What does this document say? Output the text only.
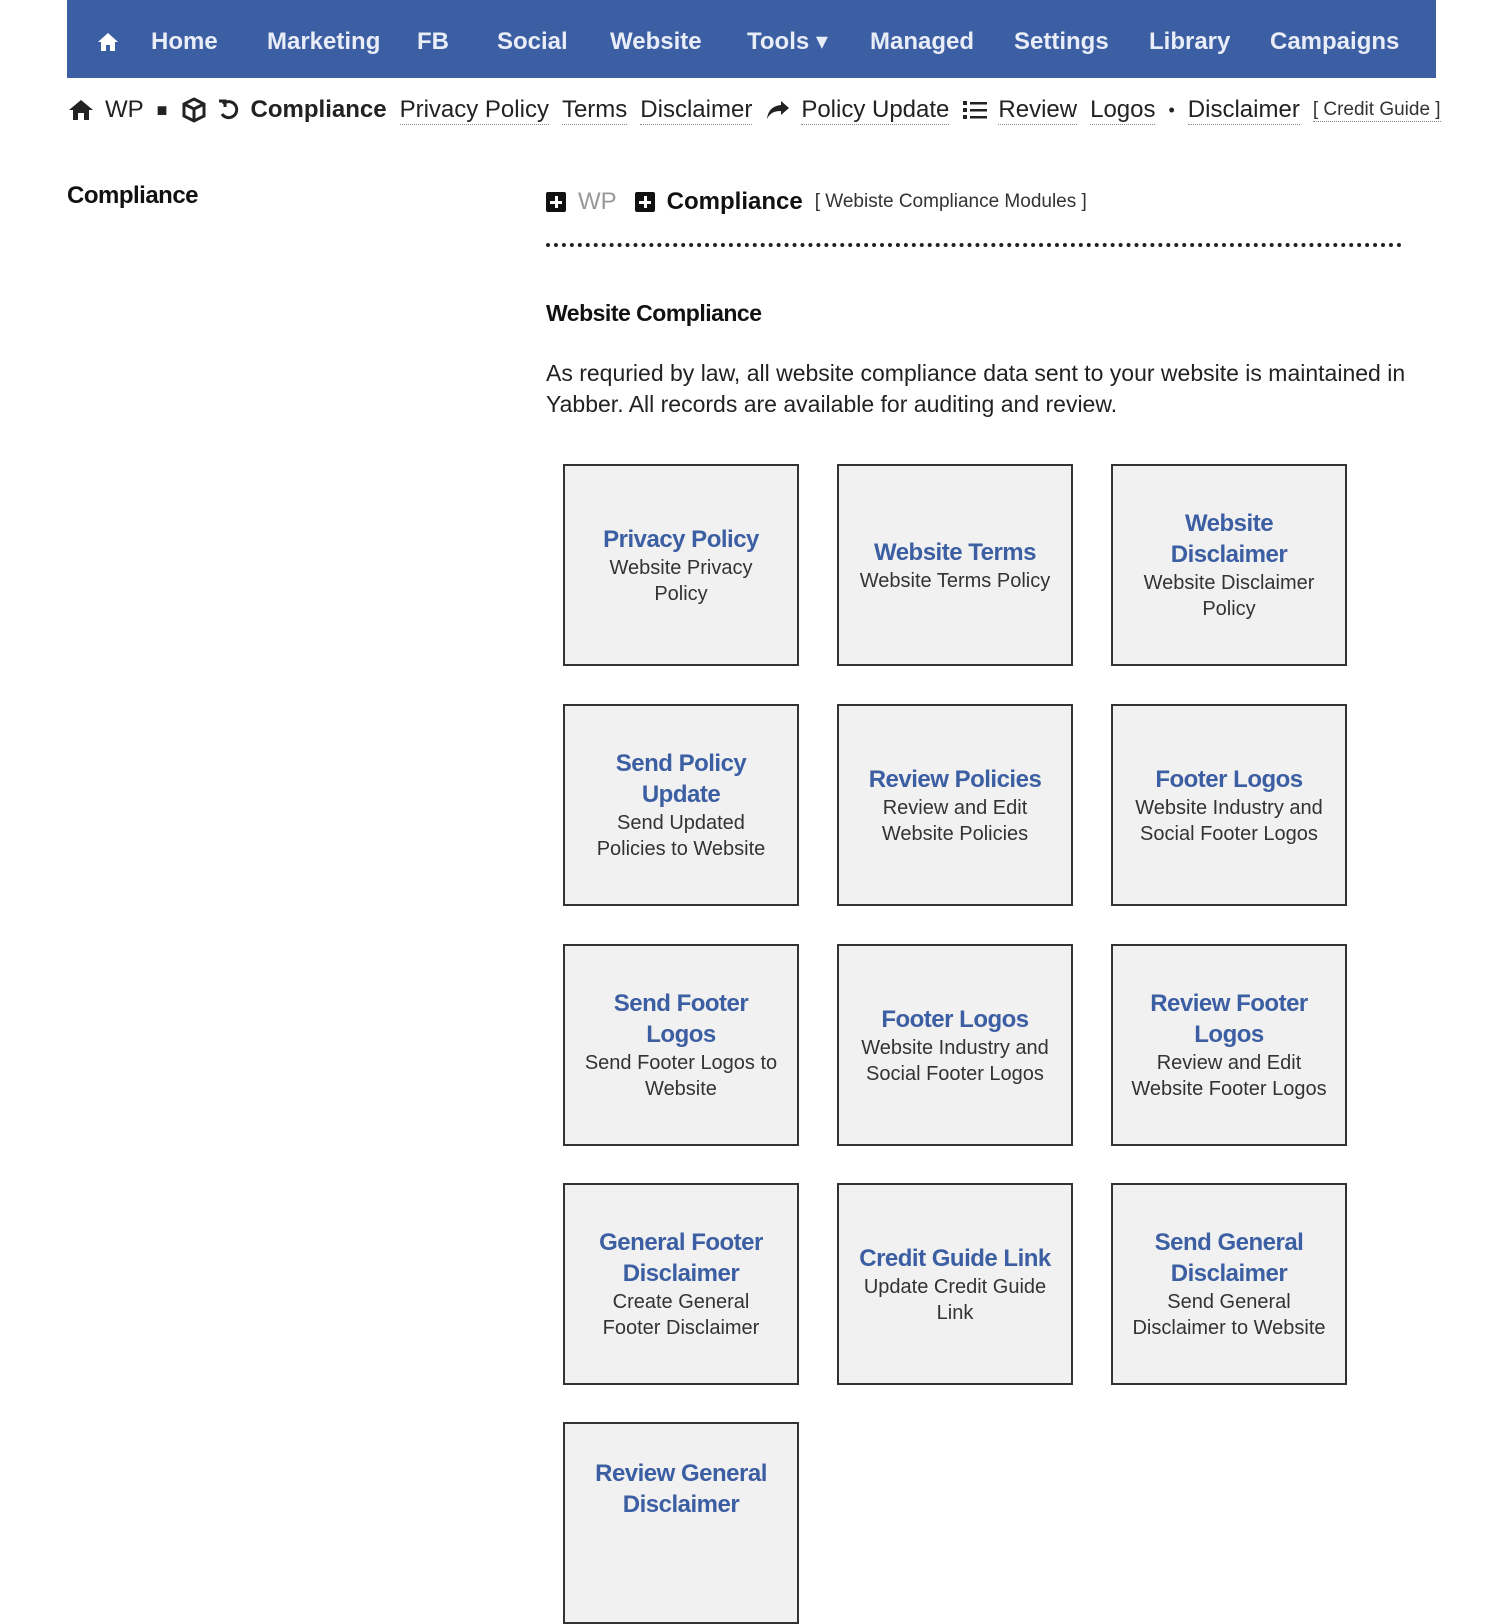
Home Marketing FB Social Website Tools ▾ Managed Settings Library Campaigns
WP ■	Compliance Privacy Policy Terms Disclaimer Policy Update Review Logos • Disclaimer [ Credit Guide ]
Compliance	WP Compliance [ Webiste Compliance Modules ]
Website Compliance
As requried by law, all website compliance data sent to your website is maintained in Yabber. All records are available for auditing and review.
Privacy Policy
Website Privacy Policy
Website Terms
Website Terms Policy
Website Disclaimer
Website Disclaimer Policy
Send Policy Update
Send Updated Policies to Website
Review Policies
Review and Edit Website Policies
Footer Logos
Website Industry and Social Footer Logos
Send Footer Logos
Send Footer Logos to Website
Footer Logos
Website Industry and Social Footer Logos
Review Footer Logos
Review and Edit Website Footer Logos
General Footer Disclaimer
Create General Footer Disclaimer
Credit Guide Link
Update Credit Guide Link
Send General Disclaimer
Send General Disclaimer to Website
Review General Disclaimer
